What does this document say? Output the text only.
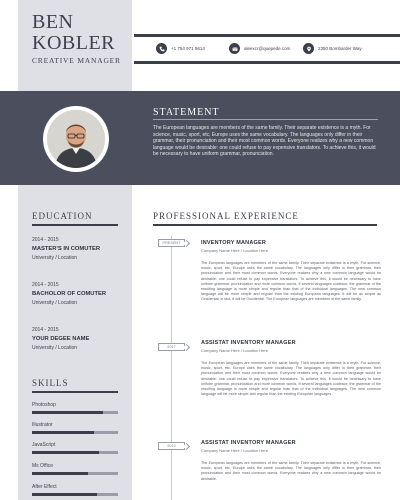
BEN
KOBLER
CREATIVE MANAGER
+1 754 971 5614	aleexcr@quepede.com	2350 Bombarder Way
STATEMENT
The European languages are members of the same family. Their separate existence is a myth. For science, music, sport, etc, Europe uses the same vocabulary. The languages only differ in their grammar, their pronunciation and their most common words. Everyone realizes why a new common language would be desirable: one could refuse to pay expensive translators. To achieve this, it would be necessary to have uniform grammar, pronunciation.
EDUCATION
2014 - 2015
MASTER'S IN COMUTER
University / Location
2014 - 2015
BACHOLOR OF COMUTER
University / Location
2014 - 2015
YOUR DEGEE NAME
University / Location
SKILLS
Photoshop
Illustrator
JavaScript
Ms Office
After Effect
PROFESSIONAL EXPERIENCE
PRESENT	INVENTORY MANAGER
Company Name Here / Location Here
The European languages are members of the same family. Their separate existence is a myth. For science, music, sport, etc, Europe uses the same vocabulary. The languages only differ in their grammar, their pronunciation and their most common words. Everyone realizes why a new common language would be desirable: one could refuse to pay expensive translators. To achieve this, it would be necessary to have uniform grammar, pronunciation and more common words. If several languages coalesce, the grammar of the resulting language is more simple and regular than that of the individual languages. The new common language will be more simple and regular than the existing European languages. It will be as simple as Occidental; in fact, it will be Occidental. The European languages are members of the same family.
2017
ASSISTAT INVENTORY MANAGER
Company Name Here / Location Here
The European languages are members of the same family. Their separate existence is a myth. For science, music, sport, etc, Europe uses the same vocabulary. The languages only differ in their grammar, their pronunciation and their most common words. Everyone realizes why a new common language would be desirable: one could refuse to pay expensive translators. To achieve this, it would be necessary to have uniform grammar, pronunciation and more common words. If several languages coalesce, the grammar of the resulting language is more simple and regular than that of the individual languages. The new common language will be more simple and regular than the existing European languages.
2012	ASSISTAT INVENTORY MANAGER
Company Name Here / Location Here
The European languages are members of the same family. Their separate existence is a myth. For science, music, sport, etc, Europe uses the same vocabulary. The languages only differ in their grammar, their pronunciation and their most common words. Everyone realizes why a new common language would be desirable.
